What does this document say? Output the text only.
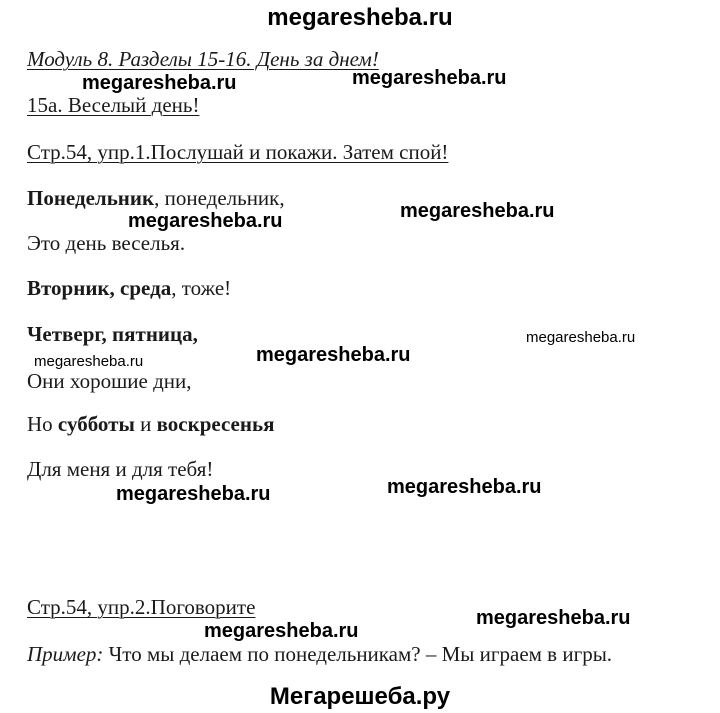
megaresheba.ru
Модуль 8. Разделы 15-16. День за днем!
15a. Веселый день!
Стр.54, упр.1.Послушай и покажи. Затем спой!
Понедельник, понедельник,
Это день веселья.
Вторник, среда, тоже!
Четверг, пятница,
Они хорошие дни,
Но субботы и воскресенья
Для меня и для тебя!
Стр.54, упр.2.Поговорите
Пример: Что мы делаем по понедельникам? – Мы играем в игры.
Мегарешеба.ру
megaresheba.ru	megaresheba.ru
megaresheba.ru	megaresheba.ru
megaresheba.ru
megaresheba.ru	megaresheba.ru
megaresheba.ru	megaresheba.ru
megaresheba.ru
megaresheba.ru
